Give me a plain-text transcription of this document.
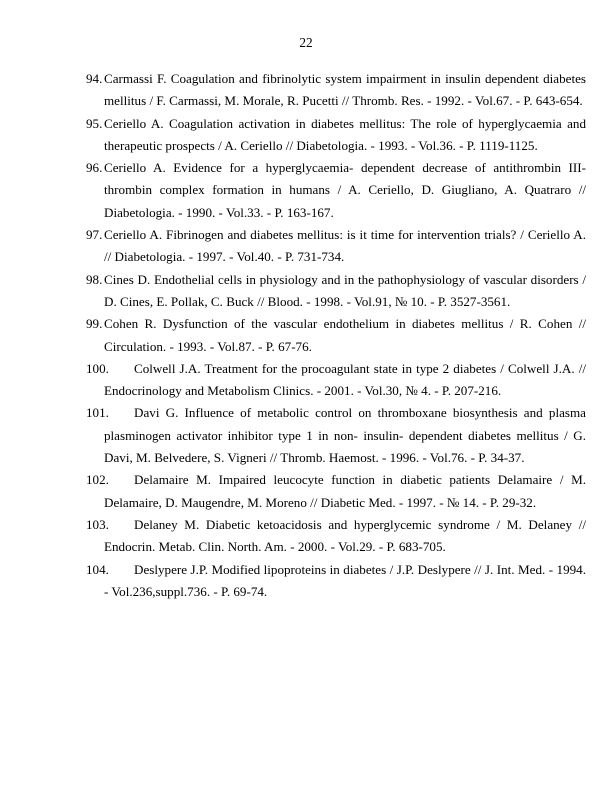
22
94. Carmassi F. Coagulation and fibrinolytic system impairment in insulin dependent diabetes mellitus / F. Carmassi, M. Morale, R. Pucetti // Thromb. Res. - 1992. - Vol.67. - P. 643-654.
95. Ceriello A. Coagulation activation in diabetes mellitus: The role of hyperglycaemia and therapeutic prospects / A. Ceriello // Diabetologia. - 1993. - Vol.36. - P. 1119-1125.
96. Ceriello A. Evidence for a hyperglycaemia- dependent decrease of antithrombin III-thrombin complex formation in humans / A. Ceriello, D. Giugliano, A. Quatraro // Diabetologia. - 1990. - Vol.33. - P. 163-167.
97. Ceriello A. Fibrinogen and diabetes mellitus: is it time for intervention trials? / Ceriello A. // Diabetologia. - 1997. - Vol.40. - P. 731-734.
98. Cines D. Endothelial cells in physiology and in the pathophysiology of vascular disorders / D. Cines, E. Pollak, C. Buck // Blood. - 1998. - Vol.91, № 10. - P. 3527-3561.
99. Cohen R. Dysfunction of the vascular endothelium in diabetes mellitus / R. Cohen // Circulation. - 1993. - Vol.87. - P. 67-76.
100.	Colwell J.A. Treatment for the procoagulant state in type 2 diabetes / Colwell J.A. // Endocrinology and Metabolism Clinics. - 2001. - Vol.30, № 4. - P. 207-216.
101.	Davi G. Influence of metabolic control on thromboxane biosynthesis and plasma plasminogen activator inhibitor type 1 in non- insulin- dependent diabetes mellitus / G. Davi, M. Belvedere, S. Vigneri // Thromb. Haemost. - 1996. - Vol.76. - P. 34-37.
102.	Delamaire M. Impaired leucocyte function in diabetic patients Delamaire / M. Delamaire, D. Maugendre, M. Moreno // Diabetic Med. - 1997. - № 14. - P. 29-32.
103.	Delaney M. Diabetic ketoacidosis and hyperglycemic syndrome / M. Delaney // Endocrin. Metab. Clin. North. Am. - 2000. - Vol.29. - P. 683-705.
104.	Deslypere J.P. Modified lipoproteins in diabetes / J.P. Deslypere // J. Int. Med. - 1994. - Vol.236,suppl.736. - P. 69-74.
